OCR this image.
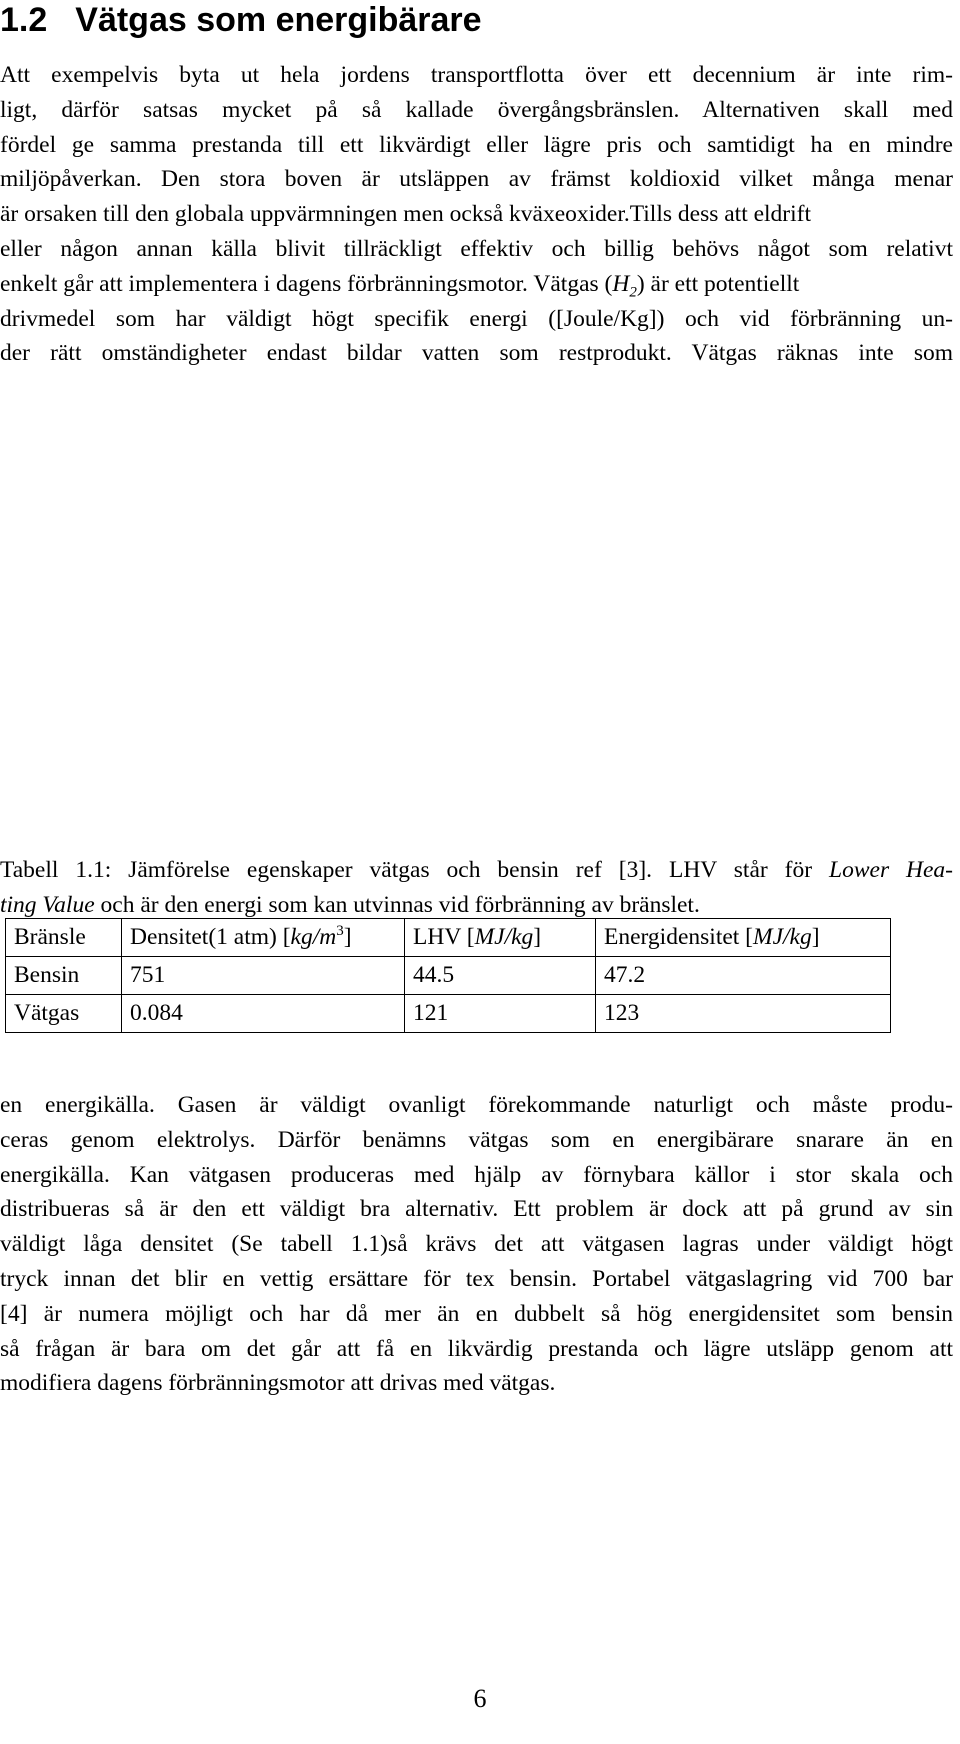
1.2 Vätgas som energibärare
Att exempelvis byta ut hela jordens transportflotta över ett decennium är inte rim-
ligt, därför satsas mycket på så kallade övergångsbränslen. Alternativen skall med
fördel ge samma prestanda till ett likvärdigt eller lägre pris och samtidigt ha en mindre
miljöpåverkan. Den stora boven är utsläppen av främst koldioxid vilket många menar
är orsaken till den globala uppvärmningen men också kväxeoxider.Tills dess att eldrift
eller någon annan källa blivit tillräckligt effektiv och billig behövs något som relativt
enkelt går att implementera i dagens förbränningsmotor. Vätgas $(H_2)$ är ett potentiellt
drivmedel som har väldigt högt specifik energi ([Joule/Kg]) och vid förbränning un-
der rätt omständigheter endast bildar vatten som restprodukt. Vätgas räknas inte som
Tabell 1.1: Jämförelse egenskaper vätgas och bensin ref [3]. LHV står för Lower Hea-
ting Value och är den energi som kan utvinnas vid förbränning av bränslet.
Bränsle	Densitet(1 atm) $[kg/m^3]$	LHV [MJ/kg]	Energidensitet [MJ/kg]
Bensin	751	44.5	47.2
Vätgas	0.084	121	123
en energikälla. Gasen är väldigt ovanligt förekommande naturligt och måste produ-
ceras genom elektrolys. Därför benämns vätgas som en energibärare snarare än en
energikälla. Kan vätgasen produceras med hjälp av förnybara källor i stor skala och
distribueras så är den ett väldigt bra alternativ. Ett problem är dock att på grund av sin
väldigt låga densitet (Se tabell 1.1)så krävs det att vätgasen lagras under väldigt högt
tryck innan det blir en vettig ersättare för tex bensin. Portabel vätgaslagring vid 700 bar
[4] är numera möjligt och har då mer än en dubbelt så hög energidensitet som bensin
så frågan är bara om det går att få en likvärdig prestanda och lägre utsläpp genom att
modifiera dagens förbränningsmotor att drivas med vätgas.
6
